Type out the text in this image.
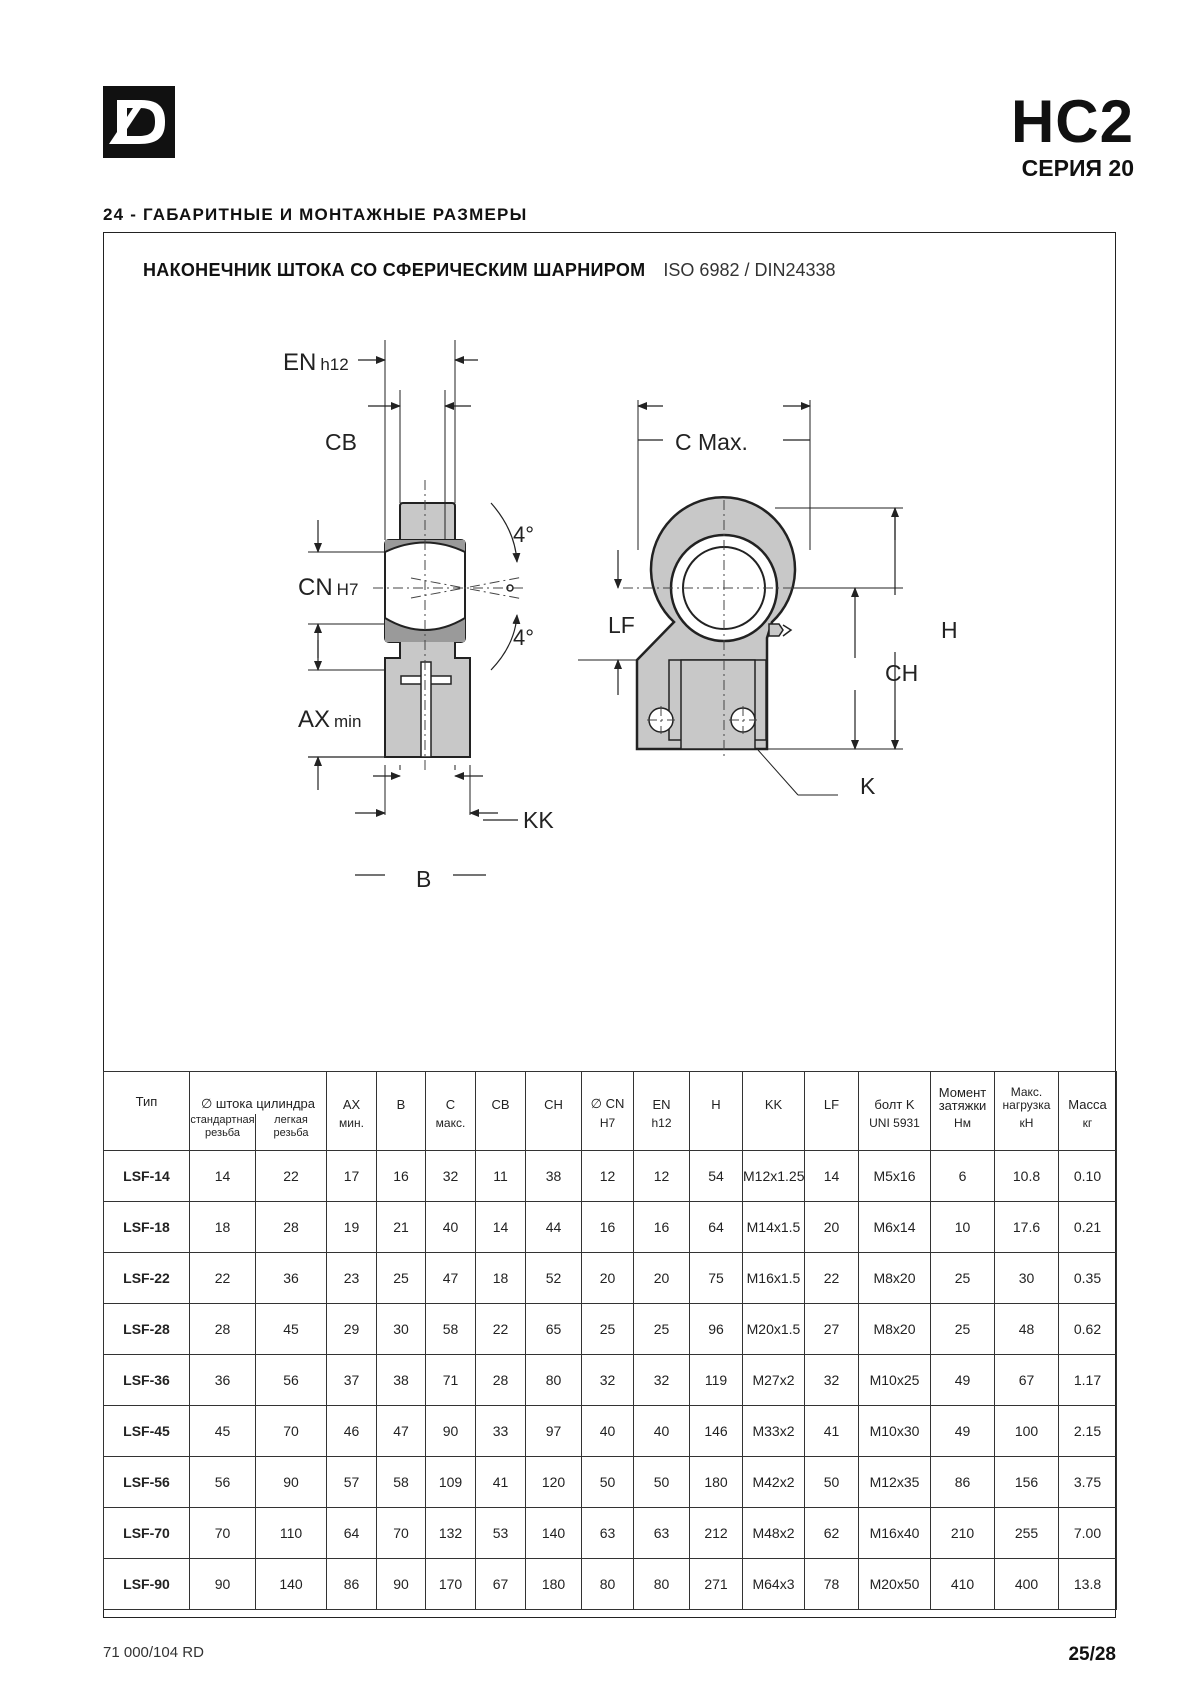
HC2
СЕРИЯ 20
24 - ГАБАРИТНЫЕ И МОНТАЖНЫЕ РАЗМЕРЫ
НАКОНЕЧНИК ШТОКА СО СФЕРИЧЕСКИМ ШАРНИРОМ ISO 6982 / DIN24338
EN h12
CB
CN H7
AX min
4°
4°
KK
B
C Max.
LF	H
CH
K
Тип	∅ штока цилиндра		AX	B	C	CB	CH	∅ CN	EN	H	KK	LF	болт K	Момент затяжки	Макс. нагрузка	Масса
	стандартная резьба	легкая резьба	мин.		макс.			H7	h12				UNI 5931	Нм	кН	кг
LSF-14	14	22	17	16	32	11	38	12	12	54	M12x1.25	14	M5x16	6	10.8	0.10
LSF-18	18	28	19	21	40	14	44	16	16	64	M14x1.5	20	M6x14	10	17.6	0.21
LSF-22	22	36	23	25	47	18	52	20	20	75	M16x1.5	22	M8x20	25	30	0.35
LSF-28	28	45	29	30	58	22	65	25	25	96	M20x1.5	27	M8x20	25	48	0.62
LSF-36	36	56	37	38	71	28	80	32	32	119	M27x2	32	M10x25	49	67	1.17
LSF-45	45	70	46	47	90	33	97	40	40	146	M33x2	41	M10x30	49	100	2.15
LSF-56	56	90	57	58	109	41	120	50	50	180	M42x2	50	M12x35	86	156	3.75
LSF-70	70	110	64	70	132	53	140	63	63	212	M48x2	62	M16x40	210	255	7.00
LSF-90	90	140	86	90	170	67	180	80	80	271	M64x3	78	M20x50	410	400	13.8
71 000/104 RD	25/28
